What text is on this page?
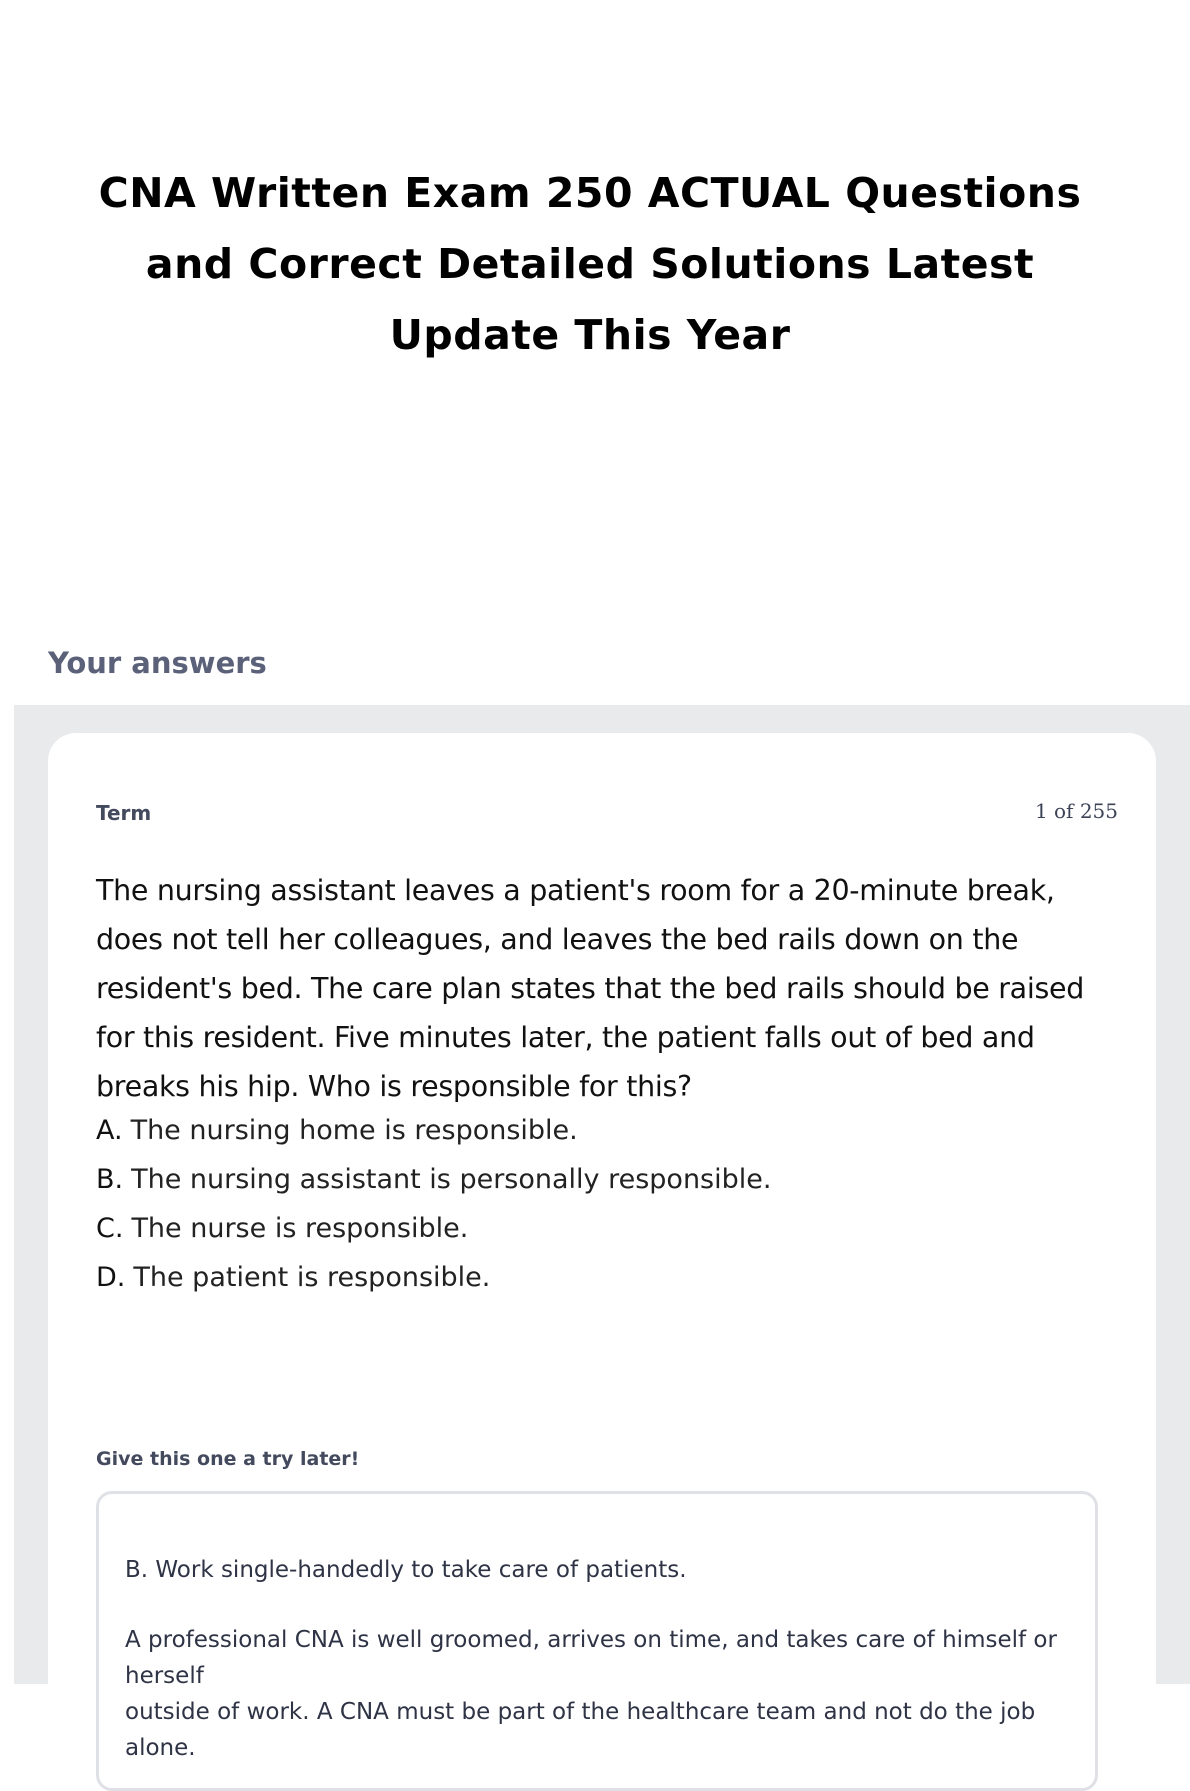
CNA Written Exam 250 ACTUAL Questions and Correct Detailed Solutions Latest Update This Year
Your answers
Term	1 of 255

The nursing assistant leaves a patient's room for a 20-minute break, does not tell her colleagues, and leaves the bed rails down on the resident's bed. The care plan states that the bed rails should be raised for this resident. Five minutes later, the patient falls out of bed and breaks his hip. Who is responsible for this?

A. The nursing home is responsible.
B. The nursing assistant is personally responsible.
C. The nurse is responsible.
D. The patient is responsible.
Give this one a try later!

B. Work single-handedly to take care of patients.

A professional CNA is well groomed, arrives on time, and takes care of himself or herself
outside of work. A CNA must be part of the healthcare team and not do the job alone.
